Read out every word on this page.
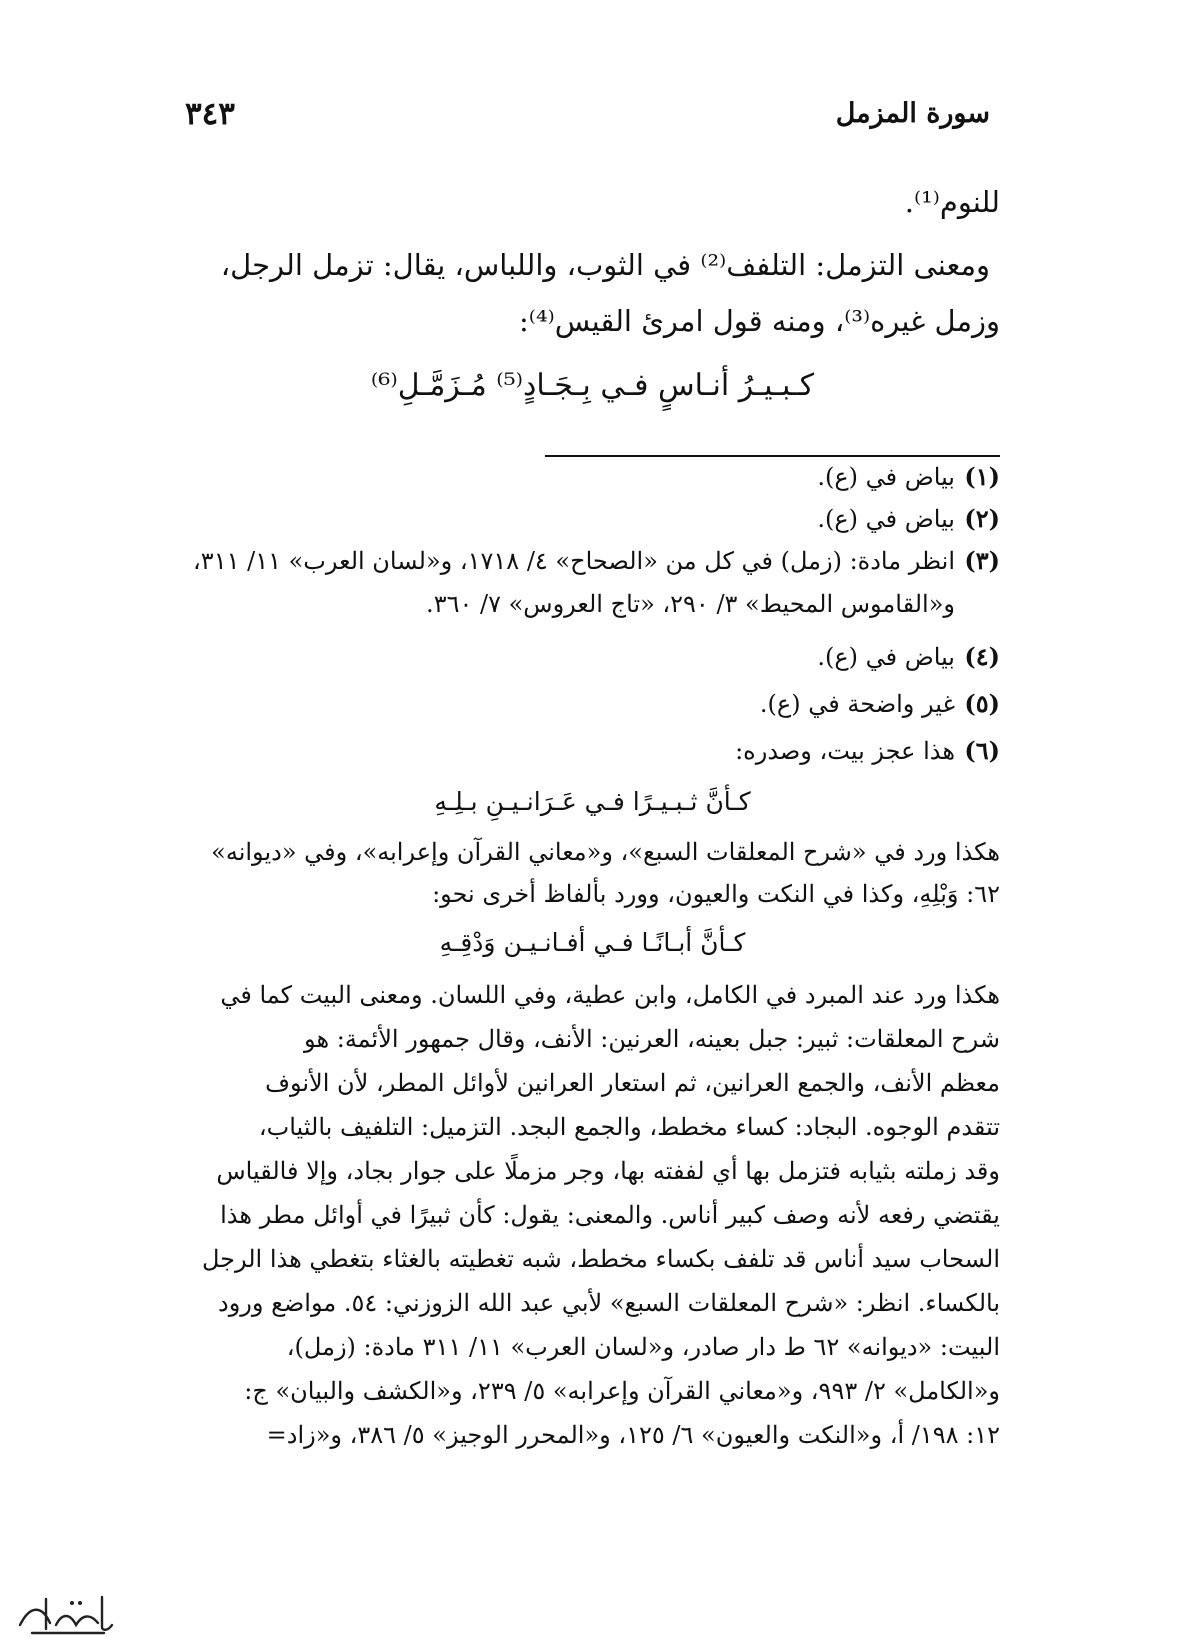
سورة المزمل
٣٤٣
للنوم⁽¹⁾.
ومعنى التزمل: التلفف⁽²⁾ في الثوب، واللباس، يقال: تزمل الرجل،
وزمل غيره⁽³⁾، ومنه قول امرئ القيس⁽⁴⁾:
كـبـيـرُ أنـاسٍ فـي بِـجَـادٍ⁽⁵⁾ مُـزَمَّـلِ⁽⁶⁾
(١)بياض في (ع).
(٢)بياض في (ع).
(٣)انظر مادة: (زمل) في كل من «الصحاح» ٤/ ١٧١٨، و«لسان العرب» ١١/ ٣١١،
و«القاموس المحيط» ٣/ ٢٩٠، «تاج العروس» ٧/ ٣٦٠.
(٤)بياض في (ع).
(٥)غير واضحة في (ع).
(٦)هذا عجز بيت، وصدره:
كـأنَّ ثـبـيـرًا فـي عَـرَانـيـنِ بـلِـهِ
هكذا ورد في «شرح المعلقات السبع»، و«معاني القرآن وإعرابه»، وفي «ديوانه»
٦٢: وَبْلِهِ، وكذا في النكت والعيون، وورد بألفاظ أخرى نحو:
كـأنَّ أبـانًـا فـي أفـانـيـن وَدْقِـهِ
هكذا ورد عند المبرد في الكامل، وابن عطية، وفي اللسان. ومعنى البيت كما في
شرح المعلقات: ثبير: جبل بعينه، العرنين: الأنف، وقال جمهور الأئمة: هو
معظم الأنف، والجمع العرانين، ثم استعار العرانين لأوائل المطر، لأن الأنوف
تتقدم الوجوه. البجاد: كساء مخطط، والجمع البجد. التزميل: التلفيف بالثياب،
وقد زملته بثيابه فتزمل بها أي لففته بها، وجر مزملًا على جوار بجاد، وإلا فالقياس
يقتضي رفعه لأنه وصف كبير أناس. والمعنى: يقول: كأن ثبيرًا في أوائل مطر هذا
السحاب سيد أناس قد تلفف بكساء مخطط، شبه تغطيته بالغثاء بتغطي هذا الرجل
بالكساء. انظر: «شرح المعلقات السبع» لأبي عبد الله الزوزني: ٥٤. مواضع ورود
البيت: «ديوانه» ٦٢ ط دار صادر، و«لسان العرب» ١١/ ٣١١ مادة: (زمل)،
و«الكامل» ٢/ ٩٩٣، و«معاني القرآن وإعرابه» ٥/ ٢٣٩، و«الكشف والبيان» ج:
١٢: ١٩٨/ أ، و«النكت والعيون» ٦/ ١٢٥، و«المحرر الوجيز» ٥/ ٣٨٦، و«زاد=
